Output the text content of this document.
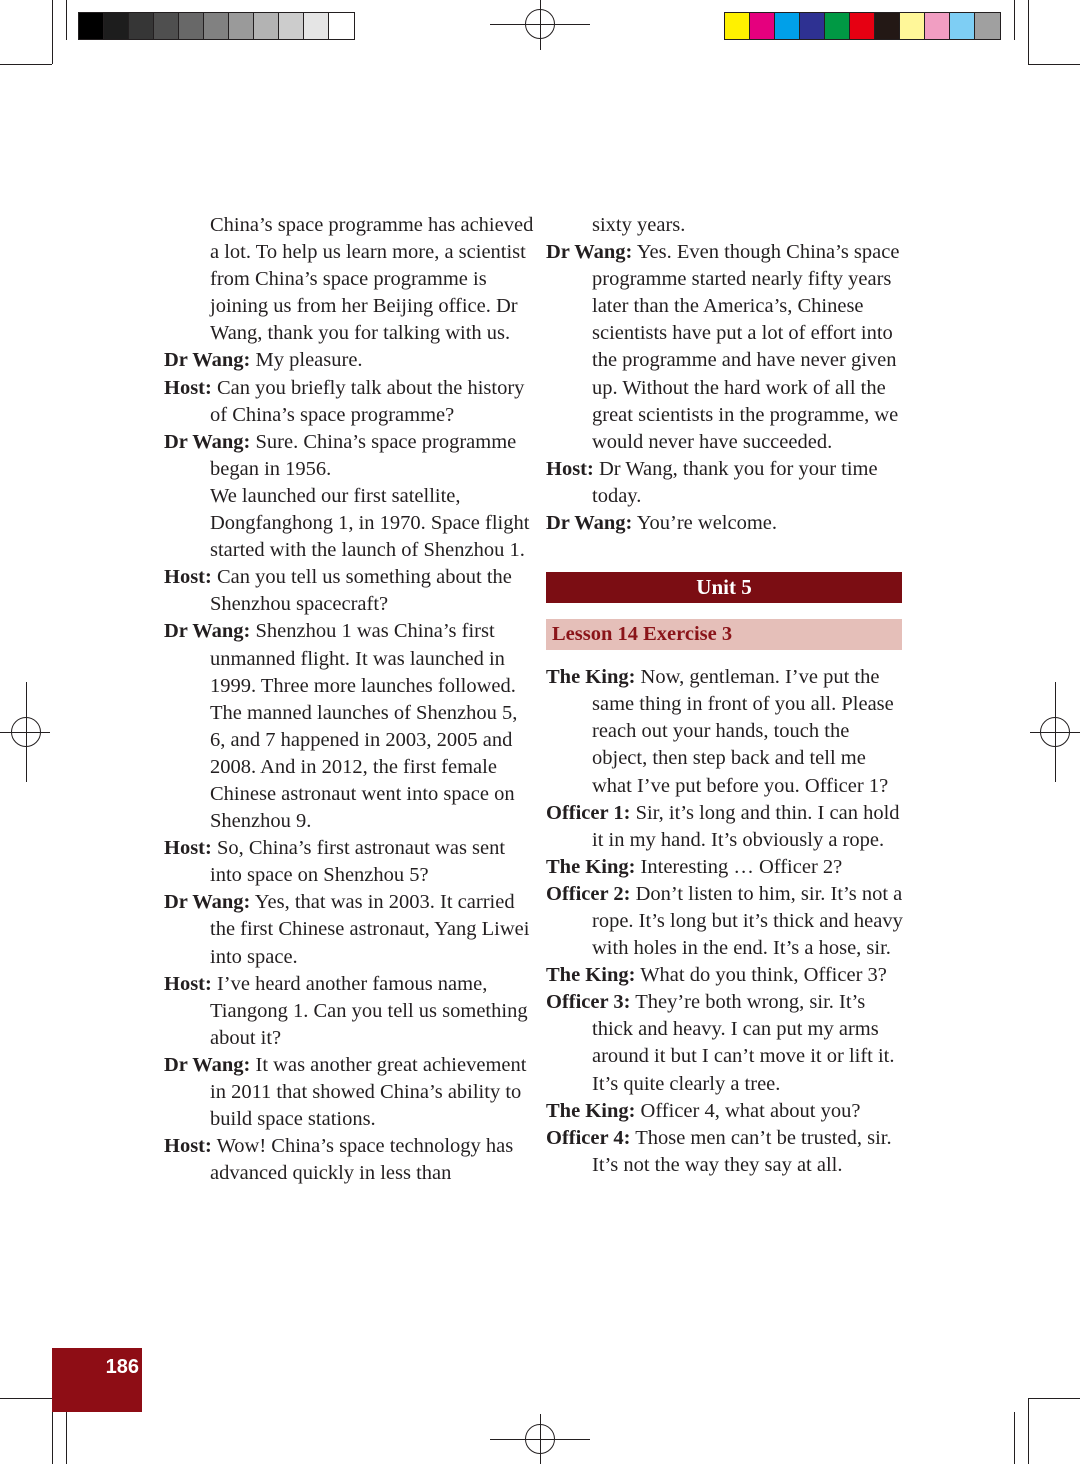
China’s space programme has achieved a lot. To help us learn more, a scientist from China’s space programme is joining us from her Beijing office. Dr Wang, thank you for talking with us.
Dr Wang: My pleasure.
Host: Can you briefly talk about the history of China’s space programme?
Dr Wang: Sure. China’s space programme began in 1956.
We launched our first satellite, Dongfanghong 1, in 1970. Space flight started with the launch of Shenzhou 1.
Host: Can you tell us something about the Shenzhou spacecraft?
Dr Wang: Shenzhou 1 was China’s first unmanned flight. It was launched in 1999. Three more launches followed. The manned launches of Shenzhou 5, 6, and 7 happened in 2003, 2005 and 2008. And in 2012, the first female Chinese astronaut went into space on Shenzhou 9.
Host: So, China’s first astronaut was sent into space on Shenzhou 5?
Dr Wang: Yes, that was in 2003. It carried the first Chinese astronaut, Yang Liwei into space.
Host: I’ve heard another famous name, Tiangong 1. Can you tell us something about it?
Dr Wang: It was another great achievement in 2011 that showed China’s ability to build space stations.
Host: Wow! China’s space technology has advanced quickly in less than
sixty years.
Dr Wang: Yes. Even though China’s space programme started nearly fifty years later than the America’s, Chinese scientists have put a lot of effort into the programme and have never given up. Without the hard work of all the great scientists in the programme, we would never have succeeded.
Host: Dr Wang, thank you for your time today.
Dr Wang: You’re welcome.
Unit 5
Lesson 14 Exercise 3
The King: Now, gentleman. I’ve put the same thing in front of you all. Please reach out your hands, touch the object, then step back and tell me what I’ve put before you. Officer 1?
Officer 1: Sir, it’s long and thin. I can hold it in my hand. It’s obviously a rope.
The King: Interesting … Officer 2?
Officer 2: Don’t listen to him, sir. It’s not a rope. It’s long but it’s thick and heavy with holes in the end. It’s a hose, sir.
The King: What do you think, Officer 3?
Officer 3: They’re both wrong, sir. It’s thick and heavy. I can put my arms around it but I can’t move it or lift it. It’s quite clearly a tree.
The King: Officer 4, what about you?
Officer 4: Those men can’t be trusted, sir. It’s not the way they say at all.
186
